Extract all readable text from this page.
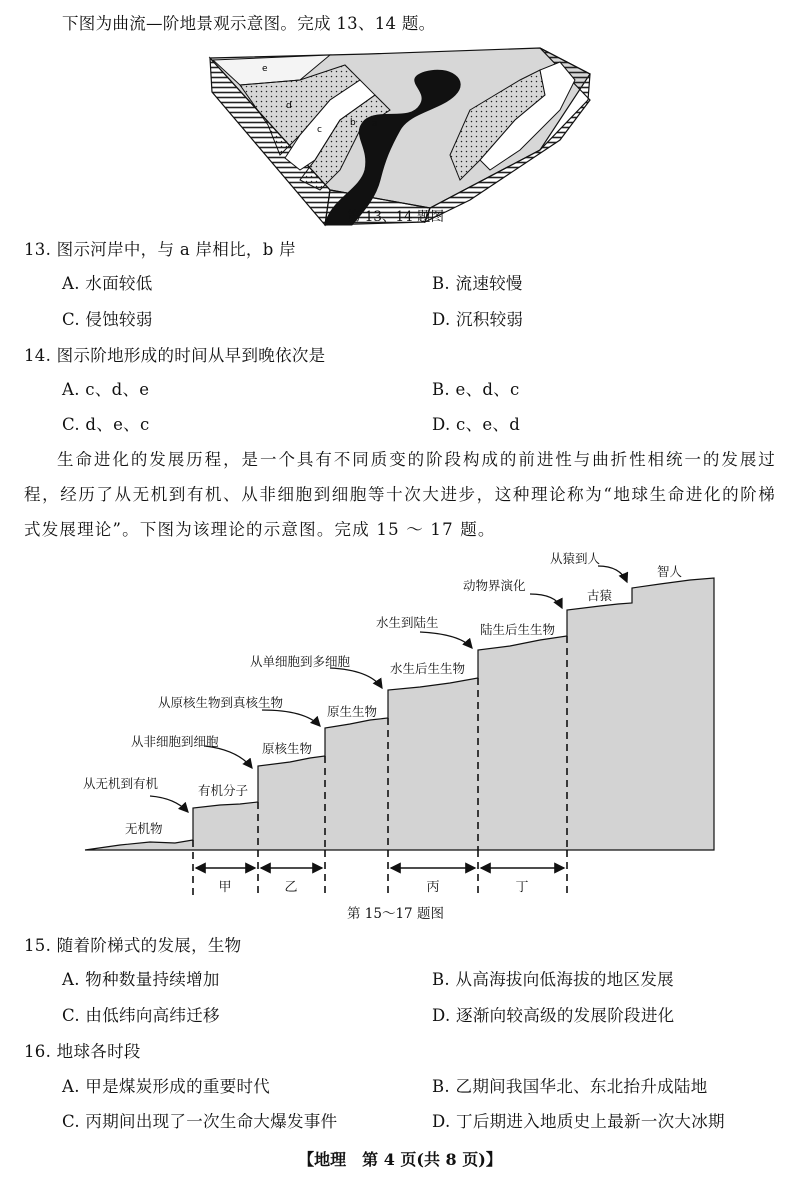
下图为曲流—阶地景观示意图。完成 13、14 题。
e
d
c
b a
第 13、14 题图
13. 图示河岸中，与 a 岸相比，b 岸
A. 水面较低	B. 流速较慢
C. 侵蚀较弱	D. 沉积较弱
14. 图示阶地形成的时间从早到晚依次是
A. c、d、e	B. e、d、c
C. d、e、c	D. c、e、d
生命进化的发展历程，是一个具有不同质变的阶段构成的前进性与曲折性相统一的发展过程，经历了从无机到有机、从非细胞到细胞等十次大进步，这种理论称为“地球生命进化的阶梯式发展理论”。下图为该理论的示意图。完成 15 ～ 17 题。
无机物
有机分子
原核生物
原生生物
水生后生生物
陆生后生生物
古猿
智人
从无机到有机
从非细胞到细胞
从原核生物到真核生物
从单细胞到多细胞
水生到陆生
动物界演化
从猿到人
甲	乙	丙	丁
第 15～17 题图
15. 随着阶梯式的发展，生物
A. 物种数量持续增加	B. 从高海拔向低海拔的地区发展
C. 由低纬向高纬迁移	D. 逐渐向较高级的发展阶段进化
16. 地球各时段
A. 甲是煤炭形成的重要时代	B. 乙期间我国华北、东北抬升成陆地
C. 丙期间出现了一次生命大爆发事件	D. 丁后期进入地质史上最新一次大冰期
【地理　第 4 页(共 8 页)】
